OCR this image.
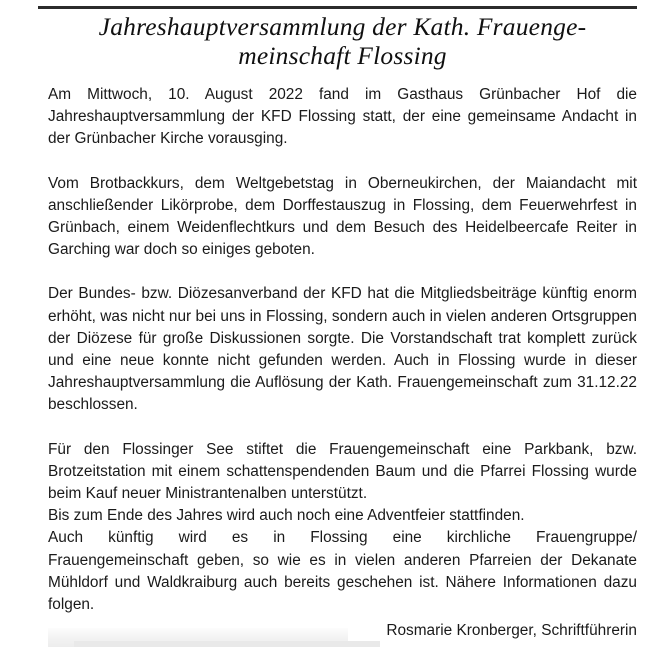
Jahreshauptversammlung der Kath. Frauenge-
meinschaft Flossing

Am Mittwoch, 10. August 2022 fand im Gasthaus Grünbacher Hof die Jahreshauptversammlung der KFD Flossing statt, der eine gemeinsame Andacht in der Grünbacher Kirche vorausging.

Vom Brotbackkurs, dem Weltgebetstag in Oberneukirchen, der Maiandacht mit anschließender Likörprobe, dem Dorffestauszug in Flossing, dem Feuerwehrfest in Grünbach, einem Weidenflechtkurs und dem Besuch des Heidelbeercafe Reiter in Garching war doch so einiges geboten.

Der Bundes- bzw. Diözesanverband der KFD hat die Mitgliedsbeiträge künftig enorm erhöht, was nicht nur bei uns in Flossing, sondern auch in vielen anderen Ortsgruppen der Diözese für große Diskussionen sorgte. Die Vorstandschaft trat komplett zurück und eine neue konnte nicht gefunden werden. Auch in Flossing wurde in dieser Jahreshauptversammlung die Auflösung der Kath. Frauengemeinschaft zum 31.12.22 beschlossen.

Für den Flossinger See stiftet die Frauengemeinschaft eine Parkbank, bzw. Brotzeitstation mit einem schattenspendenden Baum und die Pfarrei Flossing wurde beim Kauf neuer Ministrantenalben unterstützt.

Bis zum Ende des Jahres wird auch noch eine Adventfeier stattfinden.
Auch künftig wird es in Flossing eine kirchliche Frauengruppe/
Frauengemeinschaft geben, so wie es in vielen anderen Pfarreien der Dekanate Mühldorf und Waldkraiburg auch bereits geschehen ist. Nähere Informationen dazu folgen.
Rosmarie Kronberger, Schriftführerin
